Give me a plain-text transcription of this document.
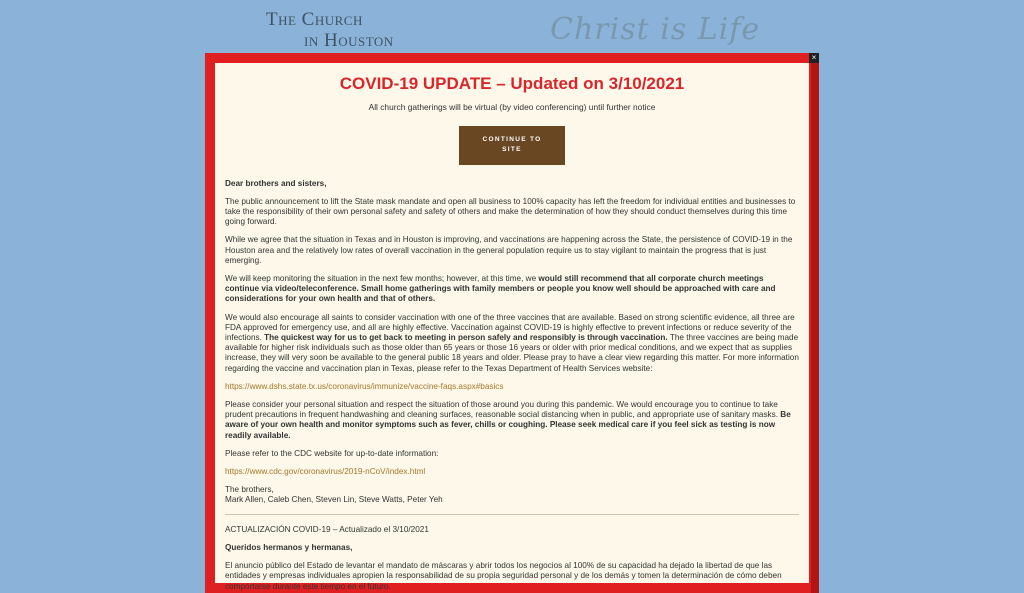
The Church
in Houston	Christ is Life
×
COVID-19 UPDATE – Updated on 3/10/2021
All church gatherings will be virtual (by video conferencing) until further notice
CONTINUE TO SITE

Dear brothers and sisters,

The public announcement to lift the State mask mandate and open all business to 100% capacity has left the freedom for individual entities and businesses to take the responsibility of their own personal safety and safety of others and make the determination of how they should conduct themselves during this time going forward.

While we agree that the situation in Texas and in Houston is improving, and vaccinations are happening across the State, the persistence of COVID-19 in the Houston area and the relatively low rates of overall vaccination in the general population require us to stay vigilant to maintain the progress that is just emerging.

We will keep monitoring the situation in the next few months; however, at this time, we would still recommend that all corporate church meetings continue via video/teleconference. Small home gatherings with family members or people you know well should be approached with care and considerations for your own health and that of others.

We would also encourage all saints to consider vaccination with one of the three vaccines that are available. Based on strong scientific evidence, all three are FDA approved for emergency use, and all are highly effective. Vaccination against COVID-19 is highly effective to prevent infections or reduce severity of the infections. The quickest way for us to get back to meeting in person safely and responsibly is through vaccination. The three vaccines are being made available for higher risk individuals such as those older than 65 years or those 16 years or older with prior medical conditions, and we expect that as supplies increase, they will very soon be available to the general public 18 years and older. Please pray to have a clear view regarding this matter. For more information regarding the vaccine and vaccination plan in Texas, please refer to the Texas Department of Health Services website:

https://www.dshs.state.tx.us/coronavirus/immunize/vaccine-faqs.aspx#basics

Please consider your personal situation and respect the situation of those around you during this pandemic. We would encourage you to continue to take prudent precautions in frequent handwashing and cleaning surfaces, reasonable social distancing when in public, and appropriate use of sanitary masks. Be aware of your own health and monitor symptoms such as fever, chills or coughing. Please seek medical care if you feel sick as testing is now readily available.

Please refer to the CDC website for up-to-date information:

https://www.cdc.gov/coronavirus/2019-nCoV/index.html

The brothers,
Mark Allen, Caleb Chen, Steven Lin, Steve Watts, Peter Yeh

ACTUALIZACIÓN COVID-19 – Actualizado el 3/10/2021

Queridos hermanos y hermanas,

El anuncio público del Estado de levantar el mandato de máscaras y abrir todos los negocios al 100% de su capacidad ha dejado la libertad de que las entidades y empresas individuales apropien la responsabilidad de su propia seguridad personal y de los demás y tomen la determinación de cómo deben comportarse durante este tiempo en el futuro.
